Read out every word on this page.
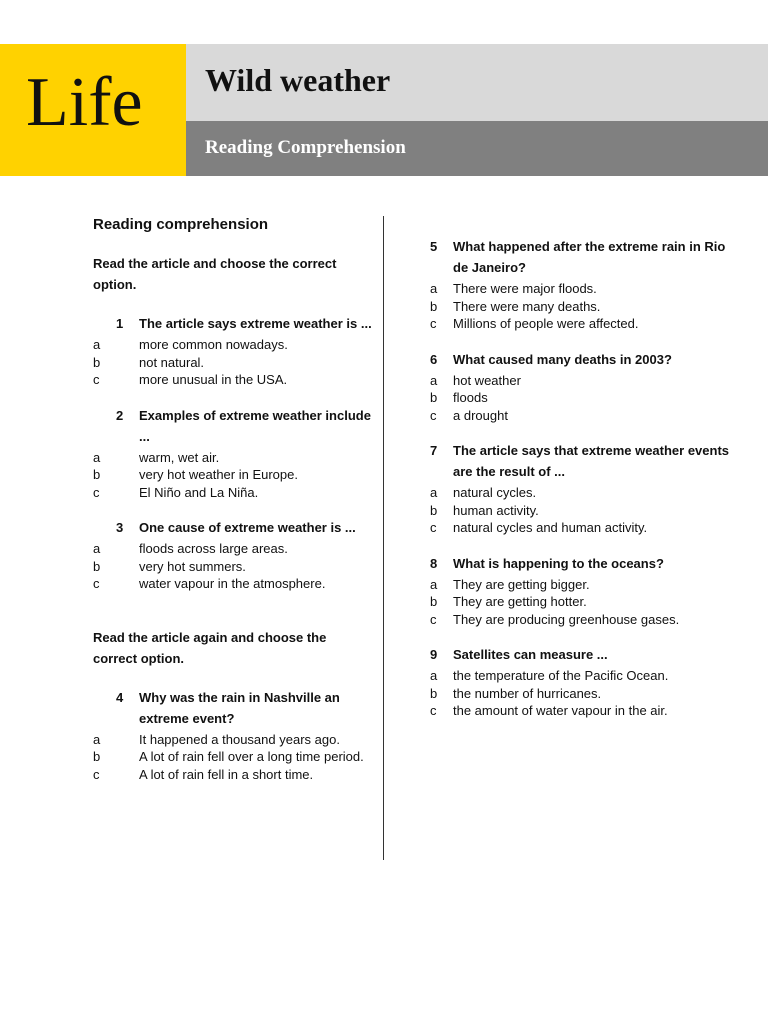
Life Wild weather
Reading Comprehension
Reading comprehension
Read the article and choose the correct option.
1	The article says extreme weather is ...
a	more common nowadays.
b	not natural.
c	more unusual in the USA.
2	Examples of extreme weather include ...
a	warm, wet air.
b	very hot weather in Europe.
c	El Niño and La Niña.
3	One cause of extreme weather is ...
a	floods across large areas.
b	very hot summers.
c	water vapour in the atmosphere.
Read the article again and choose the correct option.
4	Why was the rain in Nashville an extreme event?
a	It happened a thousand years ago.
b	A lot of rain fell over a long time period.
c	A lot of rain fell in a short time.
5	What happened after the extreme rain in Rio de Janeiro?
a	There were major floods.
b	There were many deaths.
c	Millions of people were affected.
6	What caused many deaths in 2003?
a	hot weather
b	floods
c	a drought
7	The article says that extreme weather events are the result of ...
a	natural cycles.
b	human activity.
c	natural cycles and human activity.
8	What is happening to the oceans?
a	They are getting bigger.
b	They are getting hotter.
c	They are producing greenhouse gases.
9	Satellites can measure ...
a	the temperature of the Pacific Ocean.
b	the number of hurricanes.
c	the amount of water vapour in the air.
